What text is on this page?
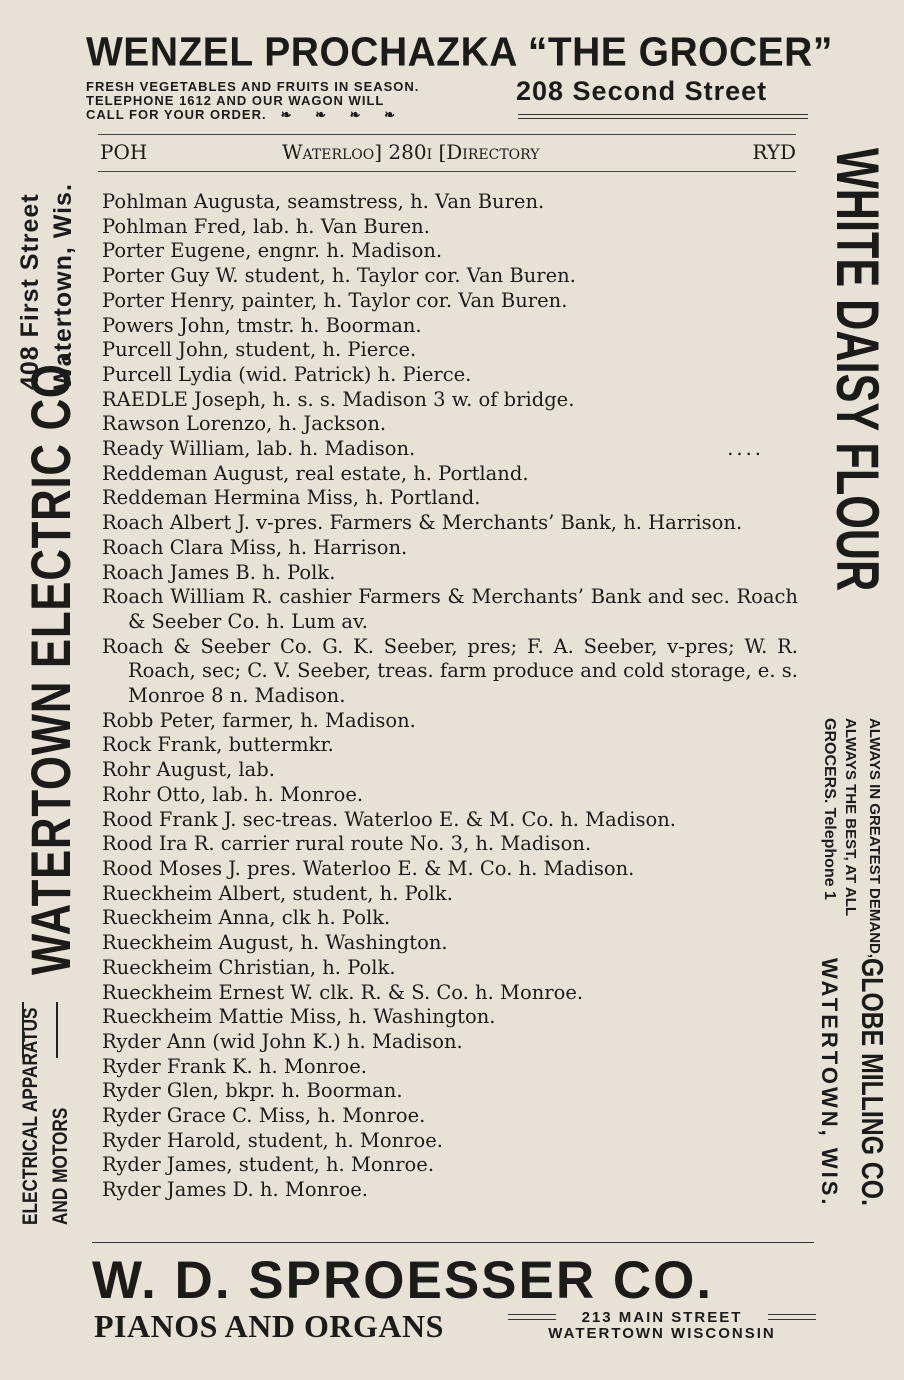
WENZEL PROCHAZKA “THE GROCER”
FRESH VEGETABLES AND FRUITS IN SEASON.
TELEPHONE 1612 AND OUR WAGON WILL
CALL FOR YOUR ORDER. ❧ ❧ ❧ ❧
208 Second Street
POH	Waterloo] 280i [Directory	RYD
Pohlman Augusta, seamstress, h. Van Buren.
Pohlman Fred, lab. h. Van Buren.
Porter Eugene, engnr. h. Madison.
Porter Guy W. student, h. Taylor cor. Van Buren.
Porter Henry, painter, h. Taylor cor. Van Buren.
Powers John, tmstr. h. Boorman.
Purcell John, student, h. Pierce.
Purcell Lydia (wid. Patrick) h. Pierce.
RAEDLE Joseph, h. s. s. Madison 3 w. of bridge.
Rawson Lorenzo, h. Jackson.
Ready William, lab. h. Madison.	....
Reddeman August, real estate, h. Portland.
Reddeman Hermina Miss, h. Portland.
Roach Albert J. v-pres. Farmers & Merchants’ Bank, h. Harrison.
Roach Clara Miss, h. Harrison.
Roach James B. h. Polk.
Roach William R. cashier Farmers & Merchants’ Bank and sec. Roach & Seeber Co. h. Lum av.
Roach & Seeber Co. G. K. Seeber, pres; F. A. Seeber, v-pres; W. R. Roach, sec; C. V. Seeber, treas. farm produce and cold storage, e. s. Monroe 8 n. Madison.
Robb Peter, farmer, h. Madison.
Rock Frank, buttermkr.
Rohr August, lab.
Rohr Otto, lab. h. Monroe.
Rood Frank J. sec-treas. Waterloo E. & M. Co. h. Madison.
Rood Ira R. carrier rural route No. 3, h. Madison.
Rood Moses J. pres. Waterloo E. & M. Co. h. Madison.
Rueckheim Albert, student, h. Polk.
Rueckheim Anna, clk h. Polk.
Rueckheim August, h. Washington.
Rueckheim Christian, h. Polk.
Rueckheim Ernest W. clk. R. & S. Co. h. Monroe.
Rueckheim Mattie Miss, h. Washington.
Ryder Ann (wid John K.) h. Madison.
Ryder Frank K. h. Monroe.
Ryder Glen, bkpr. h. Boorman.
Ryder Grace C. Miss, h. Monroe.
Ryder Harold, student, h. Monroe.
Ryder James, student, h. Monroe.
Ryder James D. h. Monroe.
ELECTRICAL APPARATUS AND MOTORS
WATERTOWN ELECTRIC CO.
408 First Street Watertown, Wis.	WHITE DAISY FLOUR
ALWAYS IN GREATEST DEMAND,
ALWAYS THE BEST, AT ALL
GROCERS. Telephone 1
GLOBE MILLING CO.
WATERTOWN, WIS.
W. D. SPROESSER CO.
PIANOS AND ORGANS	213 MAIN STREET
WATERTOWN WISCONSIN
